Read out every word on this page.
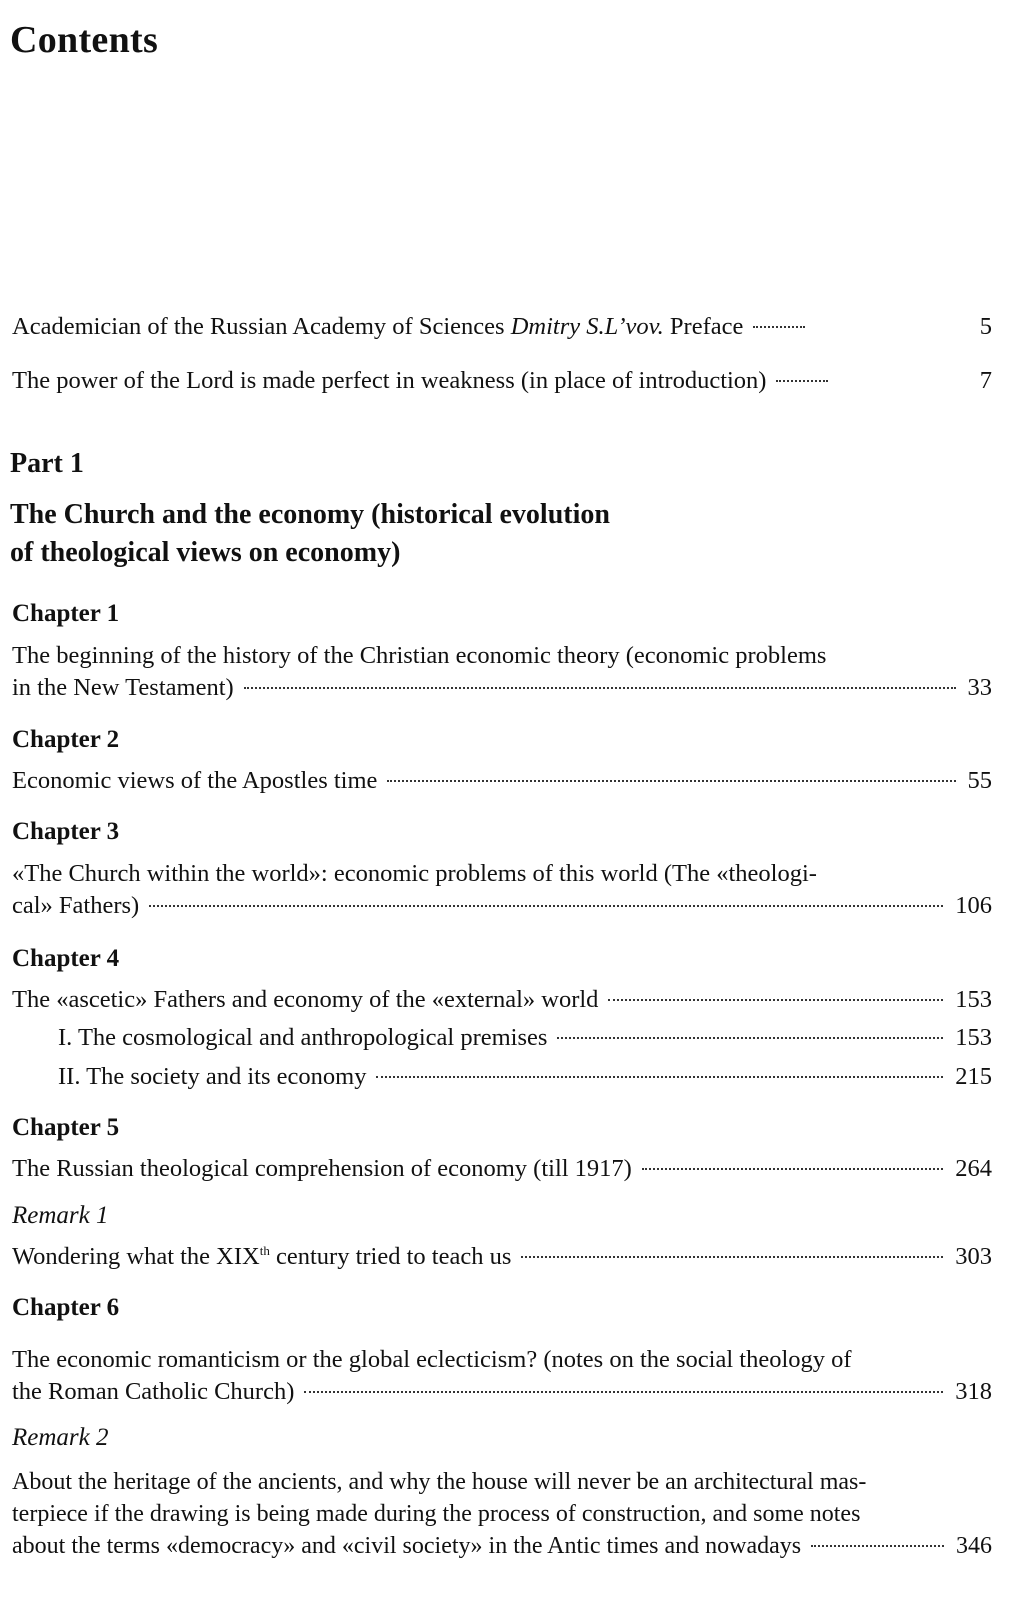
Contents
Academician of the Russian Academy of Sciences Dmitry S.L’vov. Preface	5
The power of the Lord is made perfect in weakness (in place of introduction)	7
Part 1
The Church and the economy (historical evolution
of theological views on economy)
Chapter 1
The beginning of the history of the Christian economic theory (economic problems
in the New Testament)	33
Chapter 2
Economic views of the Apostles time	55
Chapter 3
«The Church within the world»: economic problems of this world (The «theologi-
cal» Fathers)	106
Chapter 4
The «ascetic» Fathers and economy of the «external» world	153
I. The cosmological and anthropological premises	153
II. The society and its economy	215
Chapter 5
The Russian theological comprehension of economy (till 1917)	264
Remark 1
Wondering what the XIXth century tried to teach us	303
Chapter 6
The economic romanticism or the global eclecticism? (notes on the social theology of
the Roman Catholic Church)	318
Remark 2
About the heritage of the ancients, and why the house will never be an architectural mas-
terpiece if the drawing is being made during the process of construction, and some notes
about the terms «democracy» and «civil society» in the Antic times and nowadays	346
